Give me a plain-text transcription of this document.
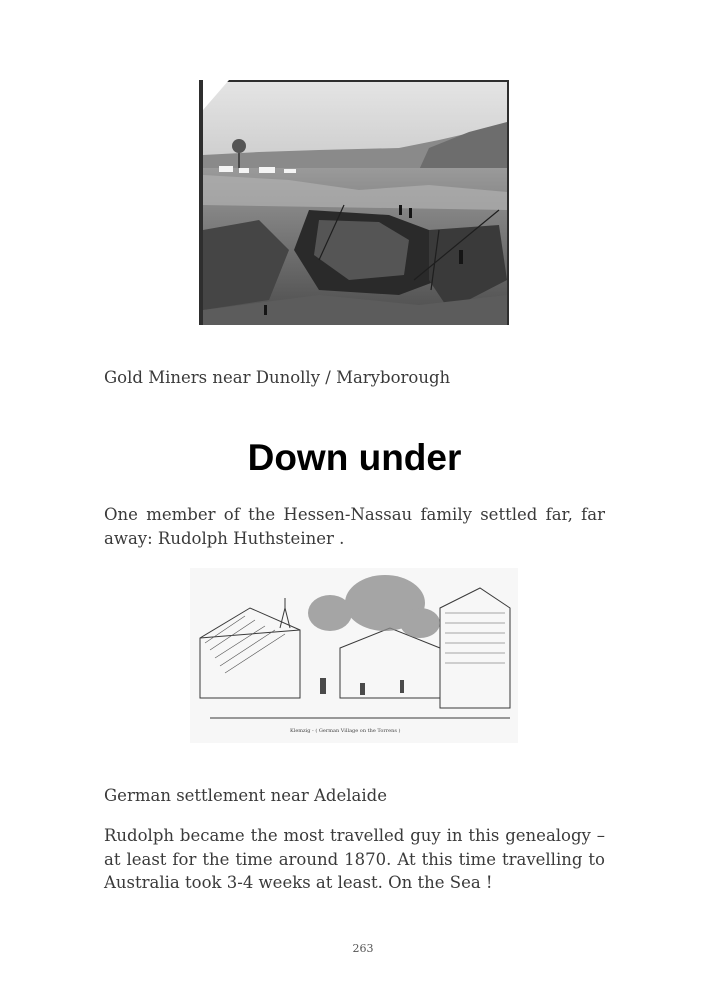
Gold Miners near Dunolly / Maryborough

Down under

One member of the Hessen-Nassau family settled far, far away: Rudolph Huthsteiner .

Klemzig - ( German Village on the Torrens )

German settlement near Adelaide

Rudolph became the most travelled guy in this genealogy – at least for the time around 1870. At this time travelling to Australia took 3-4 weeks at least. On the Sea !

263
